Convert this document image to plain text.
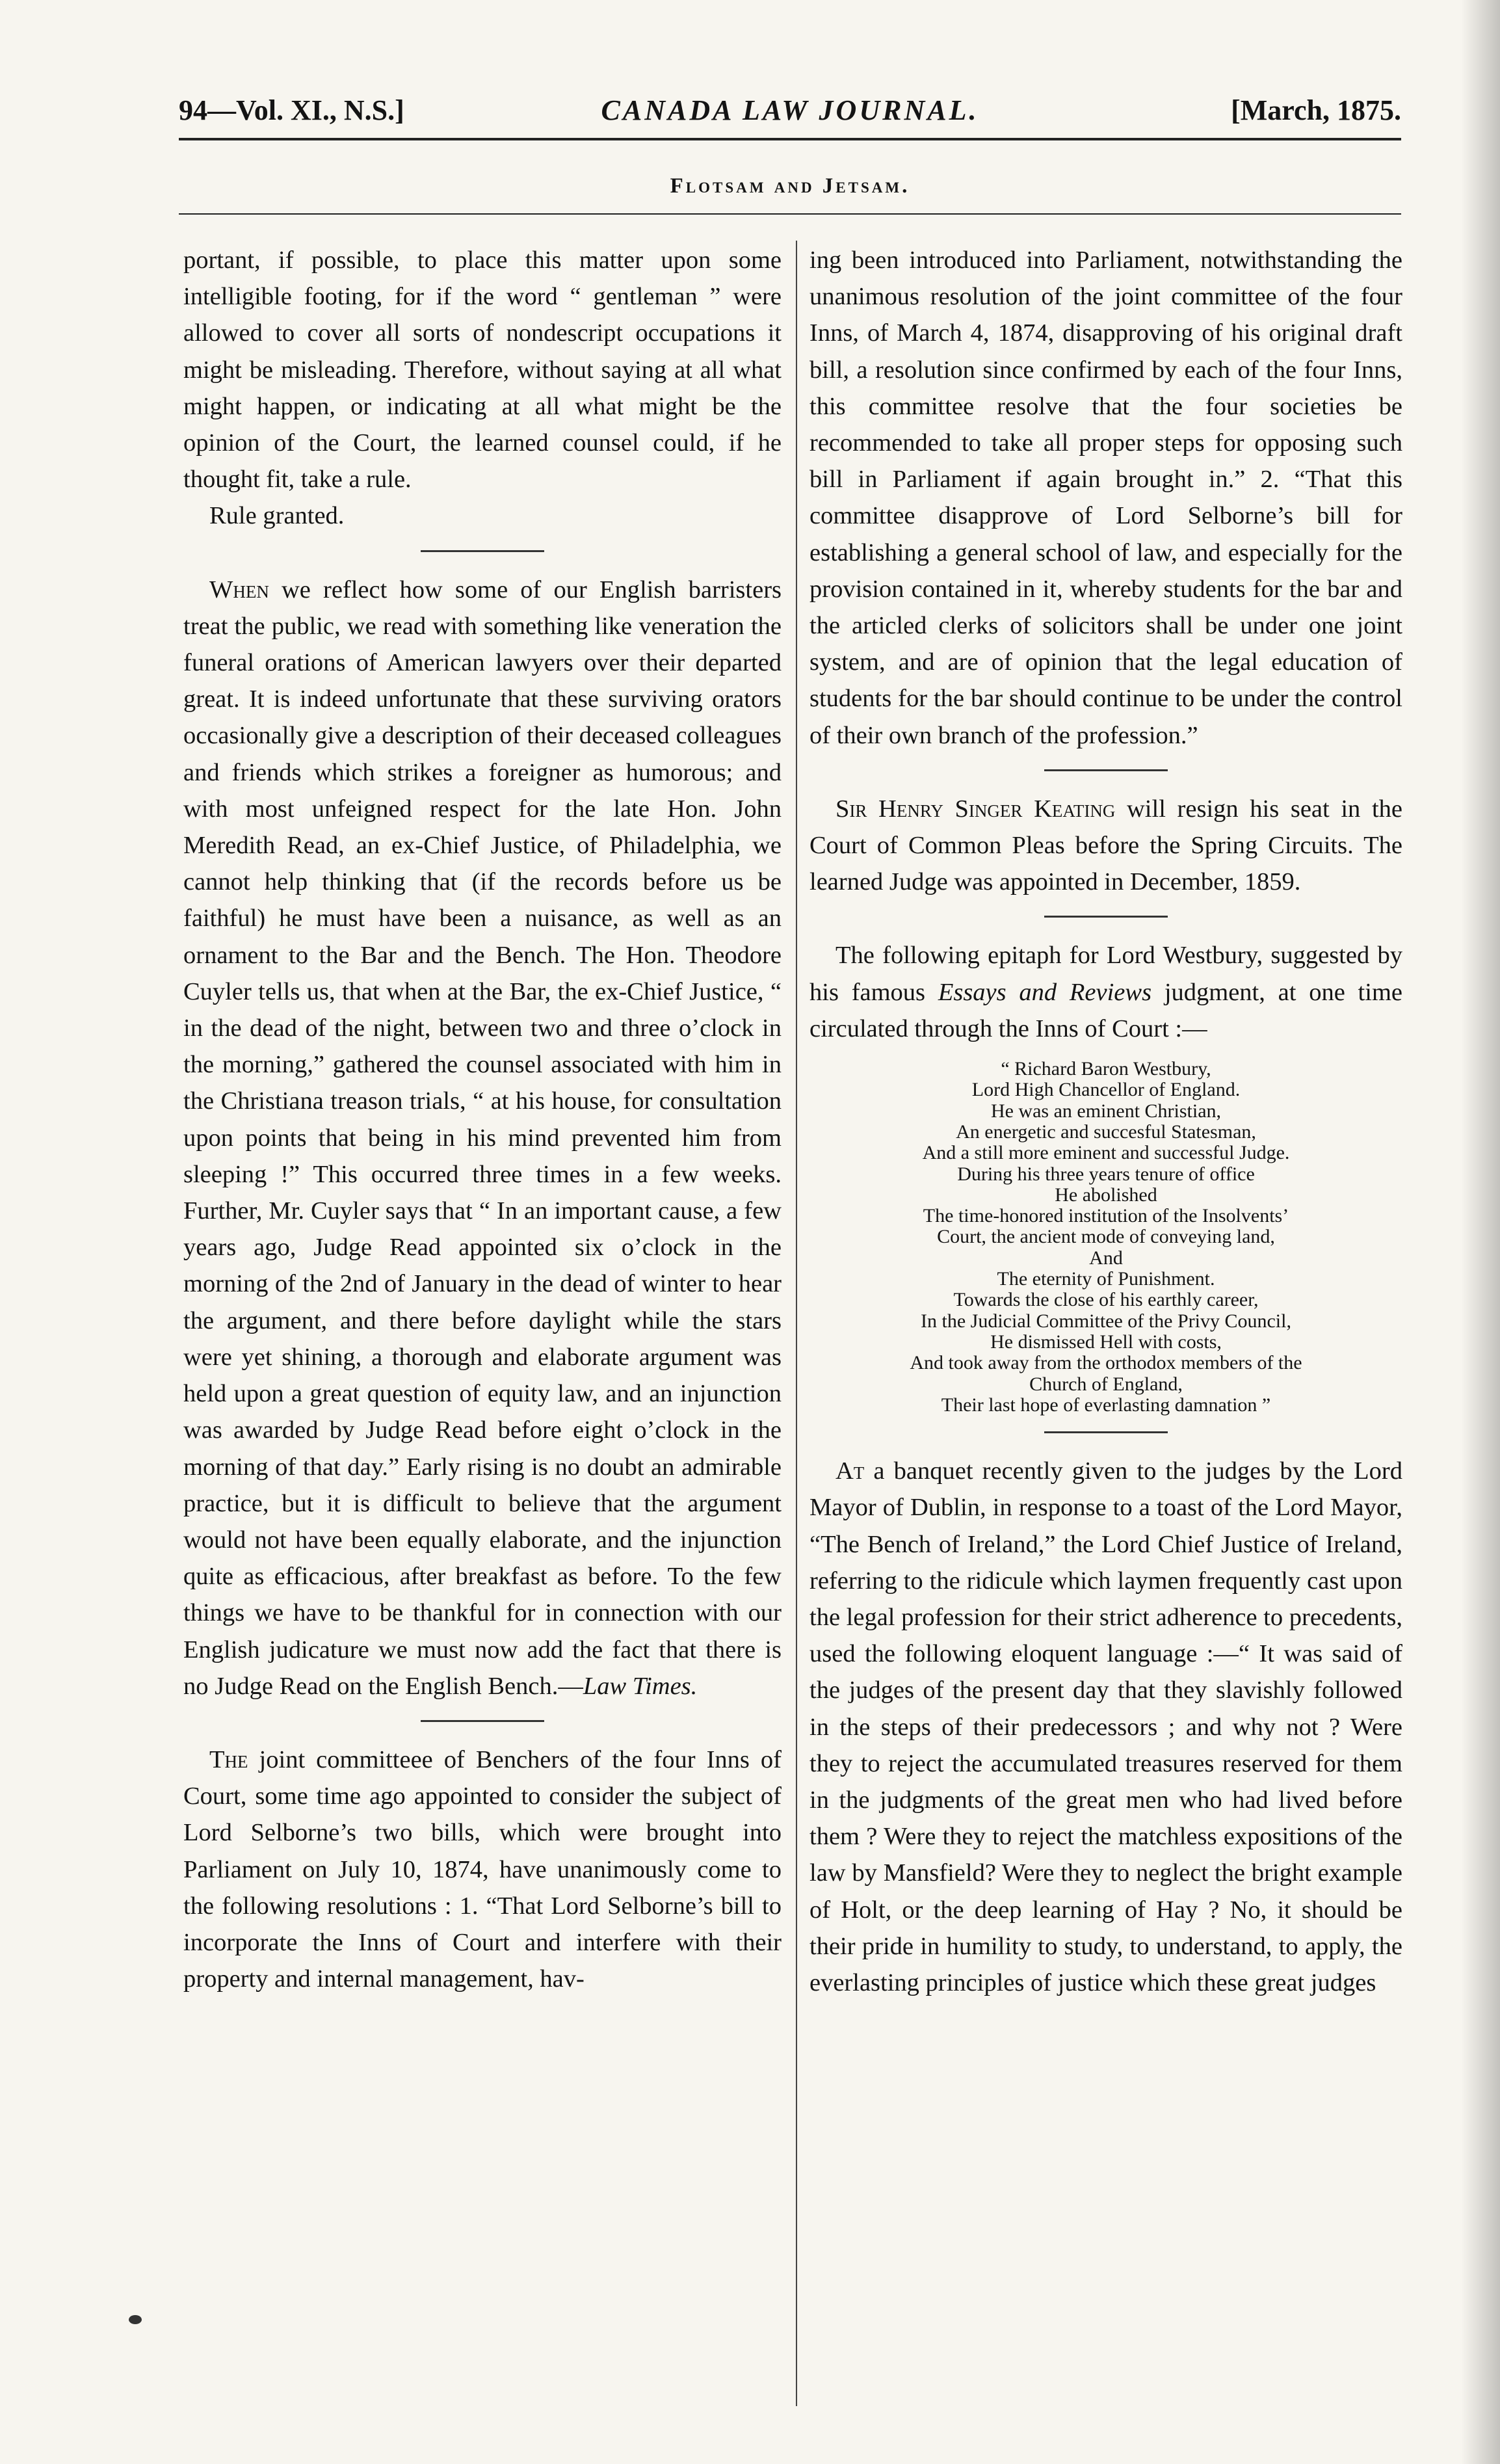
94—Vol. XI., N.S.]	CANADA LAW JOURNAL.	[March, 1875.
Flotsam and Jetsam.

portant, if possible, to place this matter upon some intelligible footing, for if the word “ gentleman ” were allowed to cover all sorts of nondescript occupations it might be misleading. Therefore, without saying at all what might happen, or indicating at all what might be the opinion of the Court, the learned counsel could, if he thought fit, take a rule.

Rule granted.

When we reflect how some of our English barristers treat the public, we read with something like veneration the funeral orations of American lawyers over their departed great. It is indeed unfortunate that these surviving orators occasionally give a description of their deceased colleagues and friends which strikes a foreigner as humorous; and with most unfeigned respect for the late Hon. John Meredith Read, an ex-Chief Justice, of Philadelphia, we cannot help thinking that (if the records before us be faithful) he must have been a nuisance, as well as an ornament to the Bar and the Bench. The Hon. Theodore Cuyler tells us, that when at the Bar, the ex-Chief Justice, “ in the dead of the night, between two and three o’clock in the morning,” gathered the counsel associated with him in the Christiana treason trials, “ at his house, for consultation upon points that being in his mind prevented him from sleeping !” This occurred three times in a few weeks. Further, Mr. Cuyler says that “ In an important cause, a few years ago, Judge Read appointed six o’clock in the morning of the 2nd of January in the dead of winter to hear the argument, and there before daylight while the stars were yet shining, a thorough and elaborate argument was held upon a great question of equity law, and an injunction was awarded by Judge Read before eight o’clock in the morning of that day.” Early rising is no doubt an admirable practice, but it is difficult to believe that the argument would not have been equally elaborate, and the injunction quite as efficacious, after breakfast as before. To the few things we have to be thankful for in connection with our English judicature we must now add the fact that there is no Judge Read on the English Bench.—Law Times.

The joint committeee of Benchers of the four Inns of Court, some time ago appointed to consider the subject of Lord Selborne’s two bills, which were brought into Parliament on July 10, 1874, have unanimously come to the following resolutions : 1. “That Lord Selborne’s bill to incorporate the Inns of Court and interfere with their property and internal management, hav-

ing been introduced into Parliament, notwithstanding the unanimous resolution of the joint committee of the four Inns, of March 4, 1874, disapproving of his original draft bill, a resolution since confirmed by each of the four Inns, this committee resolve that the four societies be recommended to take all proper steps for opposing such bill in Parliament if again brought in.” 2. “That this committee disapprove of Lord Selborne’s bill for establishing a general school of law, and especially for the provision contained in it, whereby students for the bar and the articled clerks of solicitors shall be under one joint system, and are of opinion that the legal education of students for the bar should continue to be under the control of their own branch of the profession.”

Sir Henry Singer Keating will resign his seat in the Court of Common Pleas before the Spring Circuits. The learned Judge was appointed in December, 1859.

The following epitaph for Lord Westbury, suggested by his famous Essays and Reviews judgment, at one time circulated through the Inns of Court :—

“ Richard Baron Westbury,
Lord High Chancellor of England.
He was an eminent Christian,
An energetic and succesful Statesman,
And a still more eminent and successful Judge.
During his three years tenure of office
He abolished
The time-honored institution of the Insolvents’
Court, the ancient mode of conveying land,
And
The eternity of Punishment.
Towards the close of his earthly career,
In the Judicial Committee of the Privy Council,
He dismissed Hell with costs,
And took away from the orthodox members of the
Church of England,
Their last hope of everlasting damnation ”

At a banquet recently given to the judges by the Lord Mayor of Dublin, in response to a toast of the Lord Mayor, “The Bench of Ireland,” the Lord Chief Justice of Ireland, referring to the ridicule which laymen frequently cast upon the legal profession for their strict adherence to precedents, used the following eloquent language :—“ It was said of the judges of the present day that they slavishly followed in the steps of their predecessors ; and why not ? Were they to reject the accumulated treasures reserved for them in the judgments of the great men who had lived before them ? Were they to reject the matchless expositions of the law by Mansfield? Were they to neglect the bright example of Holt, or the deep learning of Hay ? No, it should be their pride in humility to study, to understand, to apply, the everlasting principles of justice which these great judges
